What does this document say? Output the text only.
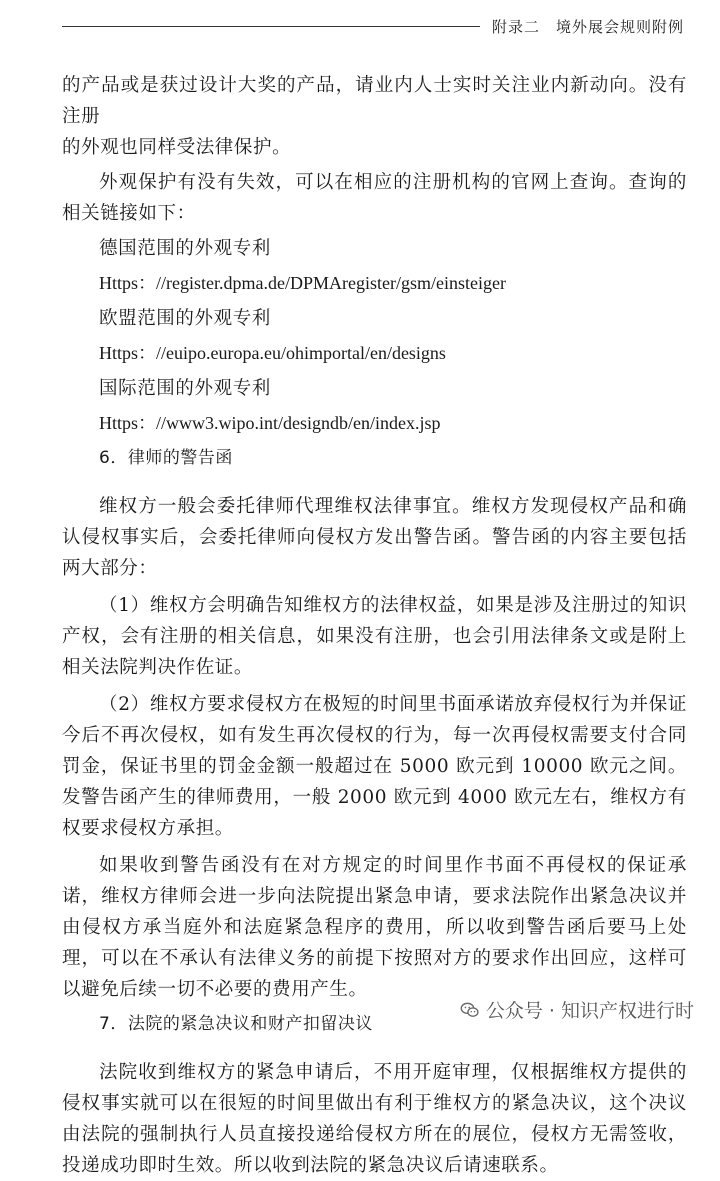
附录二　境外展会规则附例

的产品或是获过设计大奖的产品，请业内人士实时关注业内新动向。没有注册

的外观也同样受法律保护。

外观保护有没有失效，可以在相应的注册机构的官网上查询。查询的相关链接如下：

德国范围的外观专利

Https：//register.dpma.de/DPMAregister/gsm/einsteiger

欧盟范围的外观专利

Https：//euipo.europa.eu/ohimportal/en/designs

国际范围的外观专利

Https：//www3.wipo.int/designdb/en/index.jsp

6．律师的警告函

维权方一般会委托律师代理维权法律事宜。维权方发现侵权产品和确认侵权事实后，会委托律师向侵权方发出警告函。警告函的内容主要包括两大部分：

（1）维权方会明确告知维权方的法律权益，如果是涉及注册过的知识产权，会有注册的相关信息，如果没有注册，也会引用法律条文或是附上相关法院判决作佐证。

（2）维权方要求侵权方在极短的时间里书面承诺放弃侵权行为并保证今后不再次侵权，如有发生再次侵权的行为，每一次再侵权需要支付合同罚金，保证书里的罚金金额一般超过在 5000 欧元到 10000 欧元之间。发警告函产生的律师费用，一般 2000 欧元到 4000 欧元左右，维权方有权要求侵权方承担。

如果收到警告函没有在对方规定的时间里作书面不再侵权的保证承诺，维权方律师会进一步向法院提出紧急申请，要求法院作出紧急决议并由侵权方承当庭外和法庭紧急程序的费用，所以收到警告函后要马上处理，可以在不承认有法律义务的前提下按照对方的要求作出回应，这样可以避免后续一切不必要的费用产生。

7．法院的紧急决议和财产扣留决议

法院收到维权方的紧急申请后，不用开庭审理，仅根据维权方提供的侵权事实就可以在很短的时间里做出有利于维权方的紧急决议，这个决议由法院的强制执行人员直接投递给侵权方所在的展位，侵权方无需签收，投递成功即时生效。所以收到法院的紧急决议后请速联系。

公众号 · 知识产权进行时
